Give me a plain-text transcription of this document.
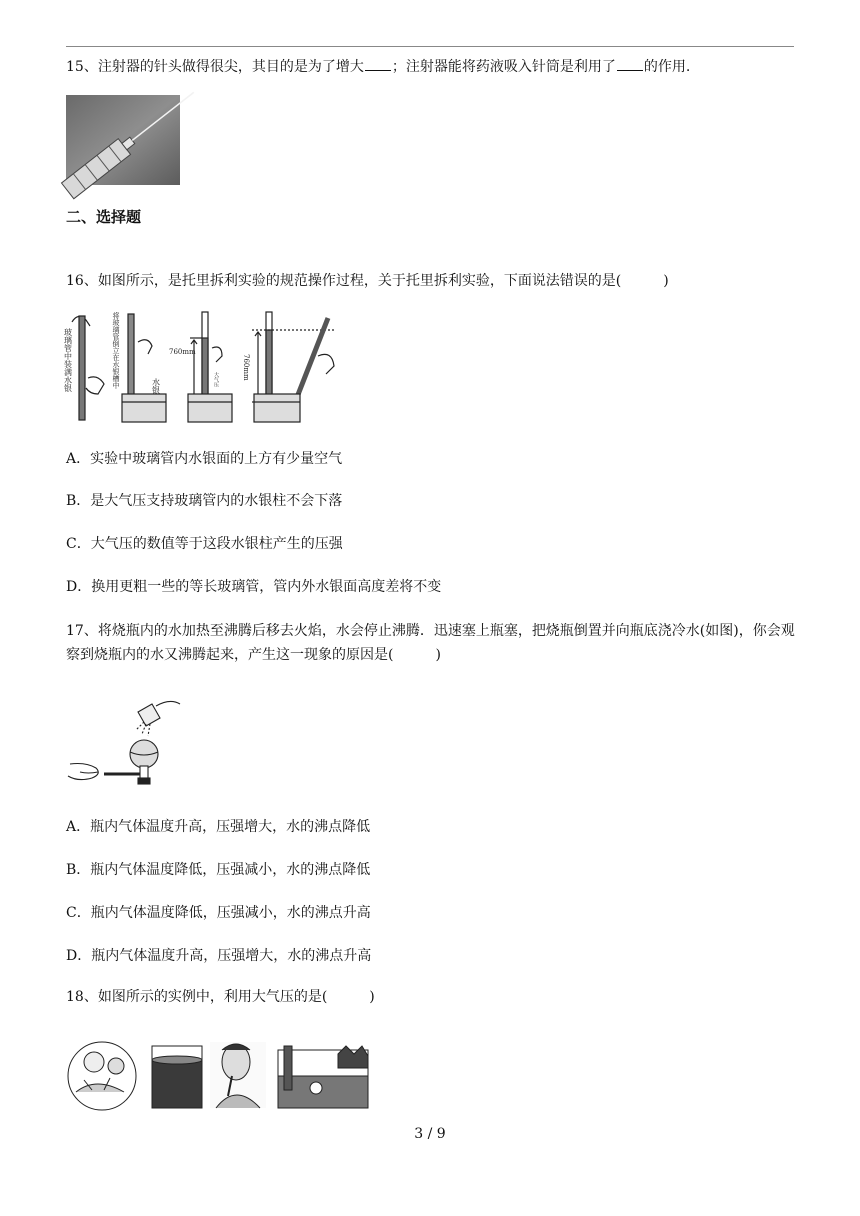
15、注射器的针头做得很尖，其目的是为了增大 ；注射器能将药液吸入针筒是利用了 的作用.
二、选择题
16、如图所示，是托里拆利实验的规范操作过程，关于托里拆利实验，下面说法错误的是(	)
玻璃管中装满水银	将玻璃管倒立在水银槽中	水银
760mm
大气压	760mm
A．实验中玻璃管内水银面的上方有少量空气
B．是大气压支持玻璃管内的水银柱不会下落
C．大气压的数值等于这段水银柱产生的压强
D．换用更粗一些的等长玻璃管，管内外水银面高度差将不变
17、将烧瓶内的水加热至沸腾后移去火焰，水会停止沸腾．迅速塞上瓶塞，把烧瓶倒置并向瓶底浇冷水(如图)，你会观察到烧瓶内的水又沸腾起来，产生这一现象的原因是(	)
A．瓶内气体温度升高，压强增大，水的沸点降低
B．瓶内气体温度降低，压强减小，水的沸点降低
C．瓶内气体温度降低，压强减小，水的沸点升高
D．瓶内气体温度升高，压强增大，水的沸点升高
18、如图所示的实例中，利用大气压的是(	)
3 / 9
